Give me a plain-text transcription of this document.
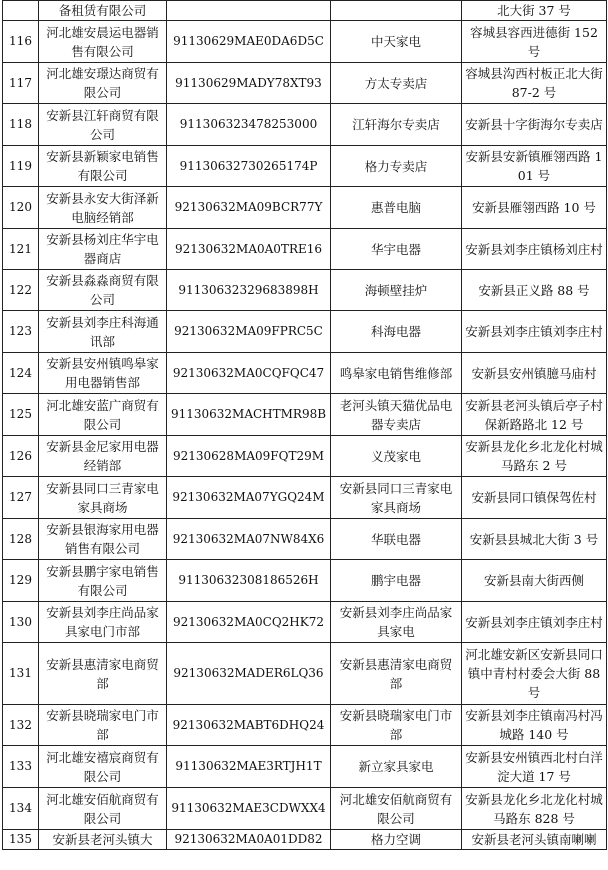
	备租赁有限公司			北大街 37 号
116	河北雄安晨运电器销售有限公司	91130629MAE0DA6D5C	中天家电	容城县容西进德街 152 号
117	河北雄安璟达商贸有限公司	91130629MADY78XT93	方太专卖店	容城县沟西村板正北大街 87-2 号
118	安新县江轩商贸有限公司	911306323478253000	江轩海尔专卖店	安新县十字街海尔专卖店
119	安新县新颖家电销售有限公司	91130632730265174P	格力专卖店	安新县安新镇雁翎西路 101 号
120	安新县永安大街泽新电脑经销部	92130632MA09BCR77Y	惠普电脑	安新县雁翎西路 10 号
121	安新县杨刘庄华宇电器商店	92130632MA0A0TRE16	华宇电器	安新县刘李庄镇杨刘庄村
122	安新县淼淼商贸有限公司	91130632329683898H	海顿壁挂炉	安新县正义路 88 号
123	安新县刘李庄科海通讯部	92130632MA09FPRC5C	科海电器	安新县刘李庄镇刘李庄村
124	安新县安州镇鸣皋家用电器销售部	92130632MA0CQFQC47	鸣皋家电销售维修部	安新县安州镇臆马庙村
125	河北雄安蓝广商贸有限公司	91130632MACHTMR98B	老河头镇天猫优品电器专卖店	安新县老河头镇后亭子村保新路路北 12 号
126	安新县金尼家用电器经销部	92130628MA09FQT29M	义茂家电	安新县龙化乡北龙化村城马路东 2 号
127	安新县同口三青家电家具商场	92130632MA07YGQ24M	安新县同口三青家电家具商场	安新县同口镇保驾佐村
128	安新县银海家用电器销售有限公司	92130632MA07NW84X6	华联电器	安新县县城北大街 3 号
129	安新县鹏宇家电销售有限公司	91130632308186526H	鹏宇电器	安新县南大街西侧
130	安新县刘李庄尚品家具家电门市部	92130632MA0CQ2HK72	安新县刘李庄尚品家具家电	安新县刘李庄镇刘李庄村
131	安新县惠清家电商贸部	92130632MADER6LQ36	安新县惠清家电商贸部	河北雄安新区安新县同口镇中青村村委会大街 88 号
132	安新县晓瑞家电门市部	92130632MABT6DHQ24	安新县晓瑞家电门市部	安新县刘李庄镇南冯村冯城路 140 号
133	河北雄安禧宸商贸有限公司	91130632MAE3RTJH1T	新立家具家电	安新县安州镇西北村白洋淀大道 17 号
134	河北雄安佰航商贸有限公司	91130632MAE3CDWXX4	河北雄安佰航商贸有限公司	安新县龙化乡北龙化村城马路东 828 号
135	安新县老河头镇大	92130632MA0A01DD82	格力空调	安新县老河头镇南喇喇
